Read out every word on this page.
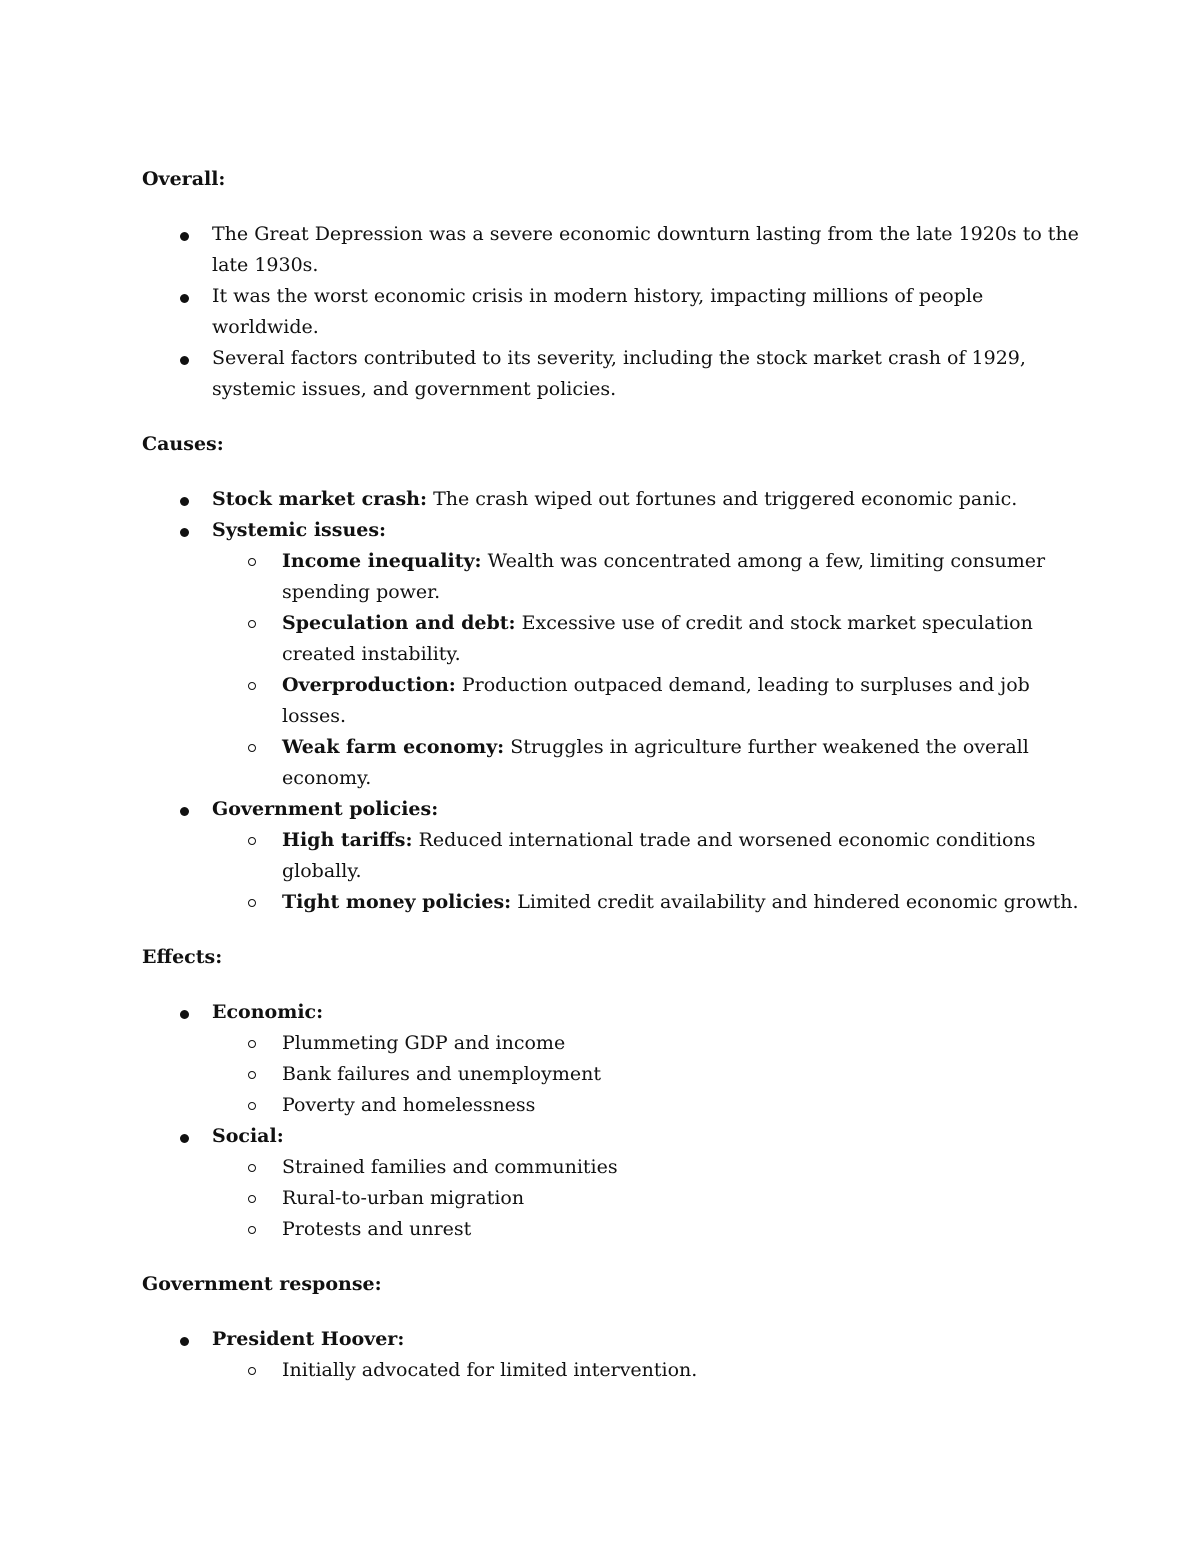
Overall:
The Great Depression was a severe economic downturn lasting from the late 1920s to the late 1930s.
It was the worst economic crisis in modern history, impacting millions of people worldwide.
Several factors contributed to its severity, including the stock market crash of 1929, systemic issues, and government policies.
Causes:
Stock market crash: The crash wiped out fortunes and triggered economic panic.
Systemic issues:
Income inequality: Wealth was concentrated among a few, limiting consumer spending power.
Speculation and debt: Excessive use of credit and stock market speculation created instability.
Overproduction: Production outpaced demand, leading to surpluses and job losses.
Weak farm economy: Struggles in agriculture further weakened the overall economy.
Government policies:
High tariffs: Reduced international trade and worsened economic conditions globally.
Tight money policies: Limited credit availability and hindered economic growth.
Effects:
Economic:
Plummeting GDP and income
Bank failures and unemployment
Poverty and homelessness
Social:
Strained families and communities
Rural-to-urban migration
Protests and unrest
Government response:
President Hoover:
Initially advocated for limited intervention.
